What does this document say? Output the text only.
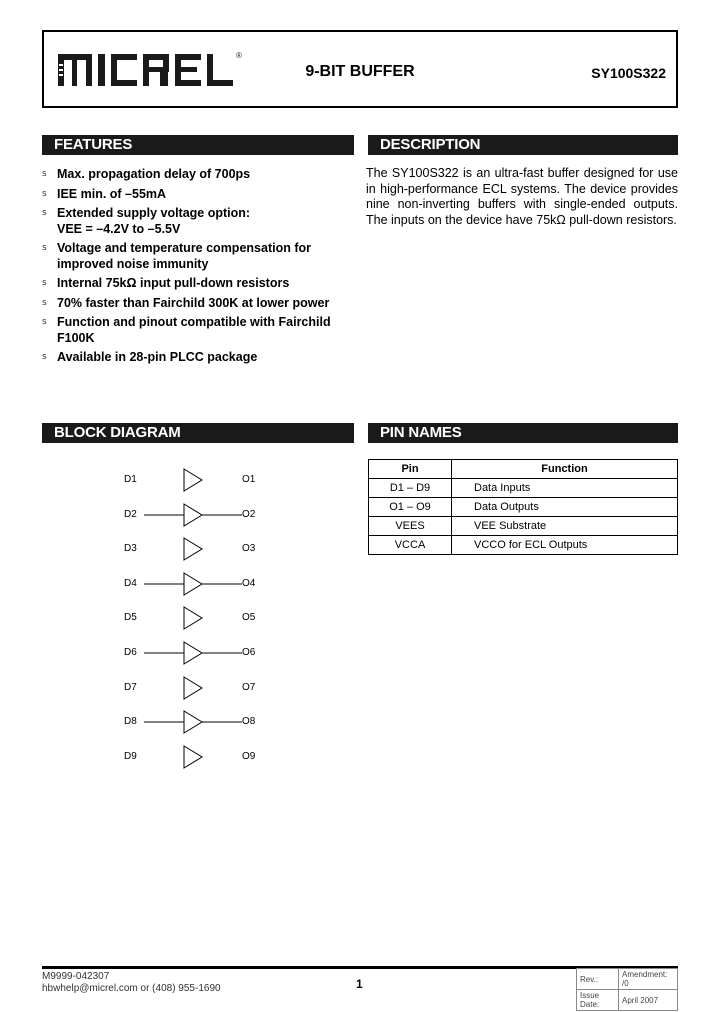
®
9-BIT BUFFER	SY100S322
FEATURES	DESCRIPTION
BLOCK DIAGRAM	PIN NAMES
s Max. propagation delay of 700ps
s IEE min. of –55mA
s Extended supply voltage option:
VEE = –4.2V to –5.5V
s Voltage and temperature compensation for
improved noise immunity
s Internal 75kΩ input pull-down resistors
s 70% faster than Fairchild 300K at lower power
s Function and pinout compatible with Fairchild F100K
s Available in 28-pin PLCC package

The SY100S322 is an ultra-fast buffer designed for use in high-performance ECL systems. The device provides nine non-inverting buffers with single-ended outputs. The inputs on the device have 75kΩ pull-down resistors.

D1	O1
D2	O2
D3	O3
D4	O4
D5	O5
D6	O6
D7	O7
D8	O8
D9	O9
Pin	Function
D1 – D9	Data Inputs
O1 – O9	Data Outputs
VEES	VEE Substrate
VCCA	VCCO for ECL Outputs
M9999-042307
hbwhelp@micrel.com or (408) 955-1690	1	Rev.:	Amendment: /0
Issue Date:	April 2007
